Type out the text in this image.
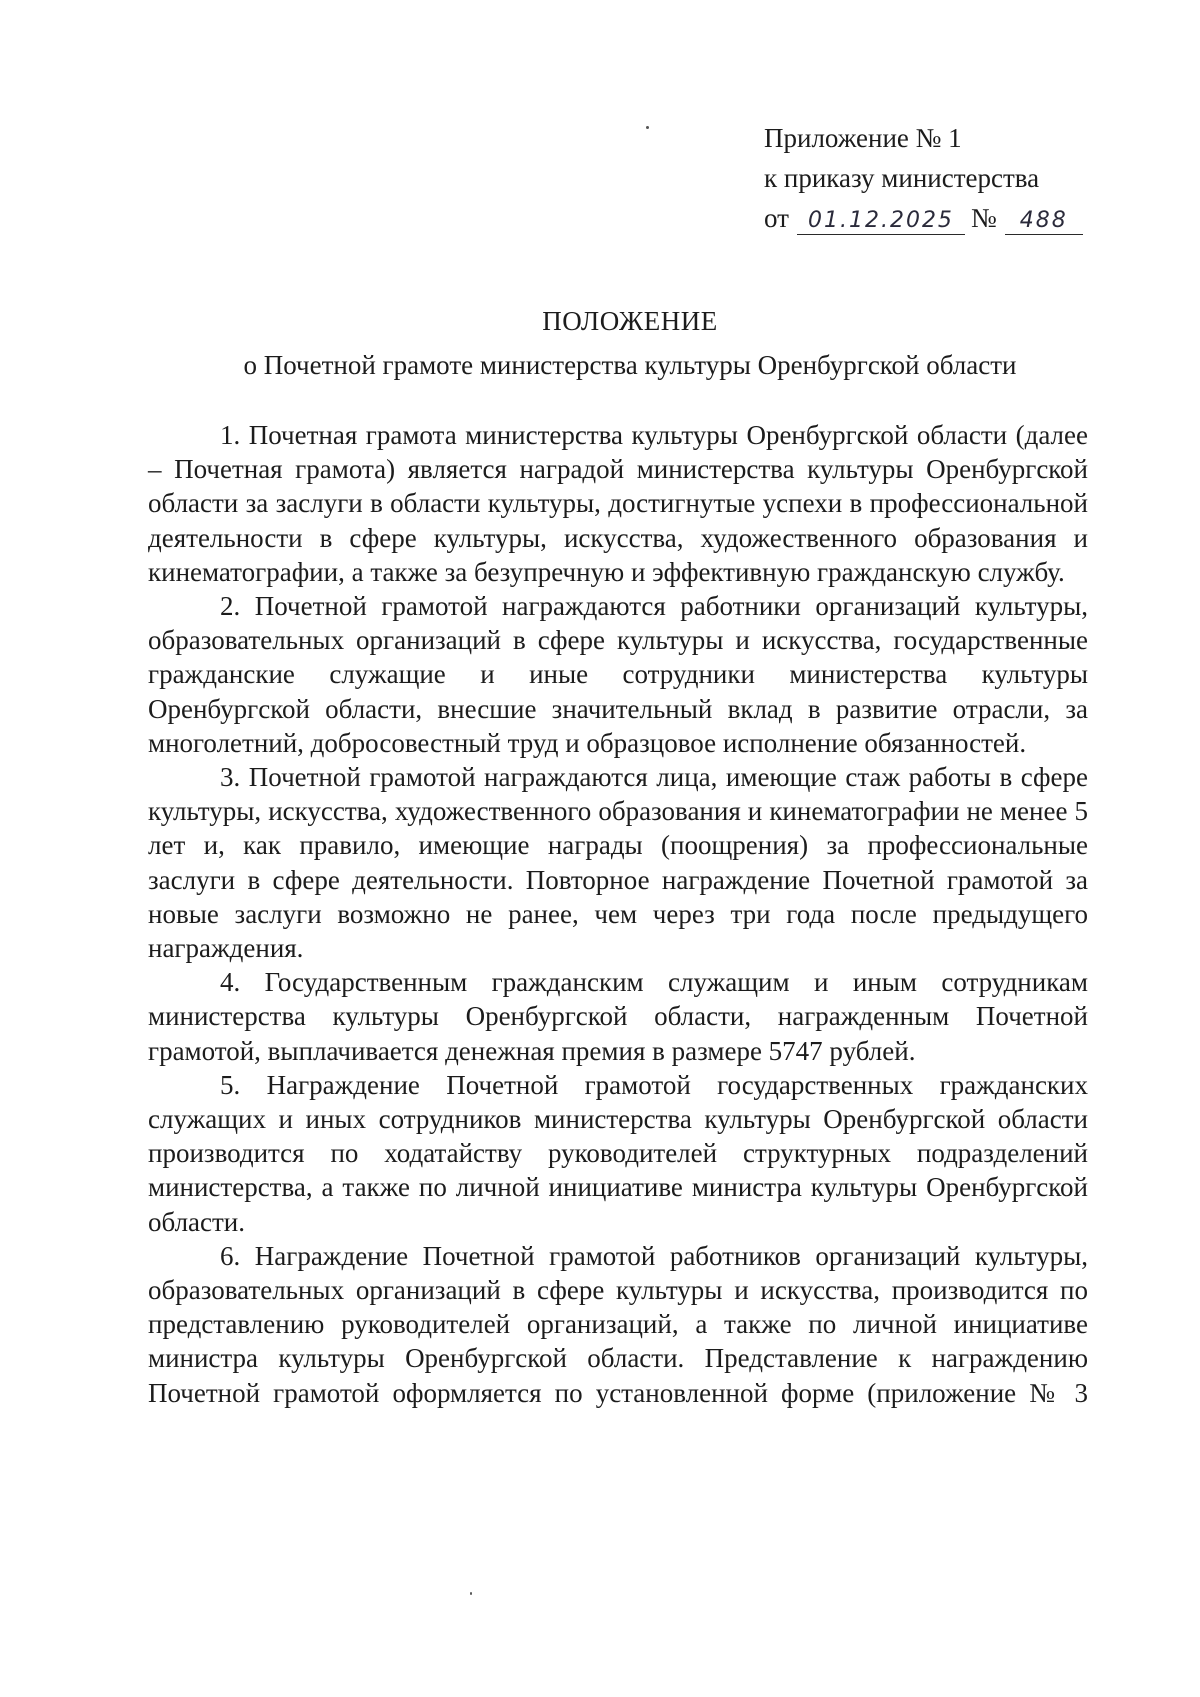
Приложение № 1
к приказу министерства
от 01.12.2025 № 488
ПОЛОЖЕНИЕ
о Почетной грамоте министерства культуры Оренбургской области

1. Почетная грамота министерства культуры Оренбургской области (далее – Почетная грамота) является наградой министерства культуры Оренбургской области за заслуги в области культуры, достигнутые успехи в профессиональной деятельности в сфере культуры, искусства, художественного образования и кинематографии, а также за безупречную и эффективную гражданскую службу.

2. Почетной грамотой награждаются работники организаций культуры, образовательных организаций в сфере культуры и искусства, государственные гражданские служащие и иные сотрудники министерства культуры Оренбургской области, внесшие значительный вклад в развитие отрасли, за многолетний, добросовестный труд и образцовое исполнение обязанностей.

3. Почетной грамотой награждаются лица, имеющие стаж работы в сфере культуры, искусства, художественного образования и кинематографии не менее 5 лет и, как правило, имеющие награды (поощрения) за профессиональные заслуги в сфере деятельности. Повторное награждение Почетной грамотой за новые заслуги возможно не ранее, чем через три года после предыдущего награждения.

4. Государственным гражданским служащим и иным сотрудникам министерства культуры Оренбургской области, награжденным Почетной грамотой, выплачивается денежная премия в размере 5747 рублей.

5. Награждение Почетной грамотой государственных гражданских служащих и иных сотрудников министерства культуры Оренбургской области производится по ходатайству руководителей структурных подразделений министерства, а также по личной инициативе министра культуры Оренбургской области.

6. Награждение Почетной грамотой работников организаций культуры, образовательных организаций в сфере культуры и искусства, производится по представлению руководителей организаций, а также по личной инициативе министра культуры Оренбургской области. Представление к награждению Почетной грамотой оформляется по установленной форме (приложение № 3
